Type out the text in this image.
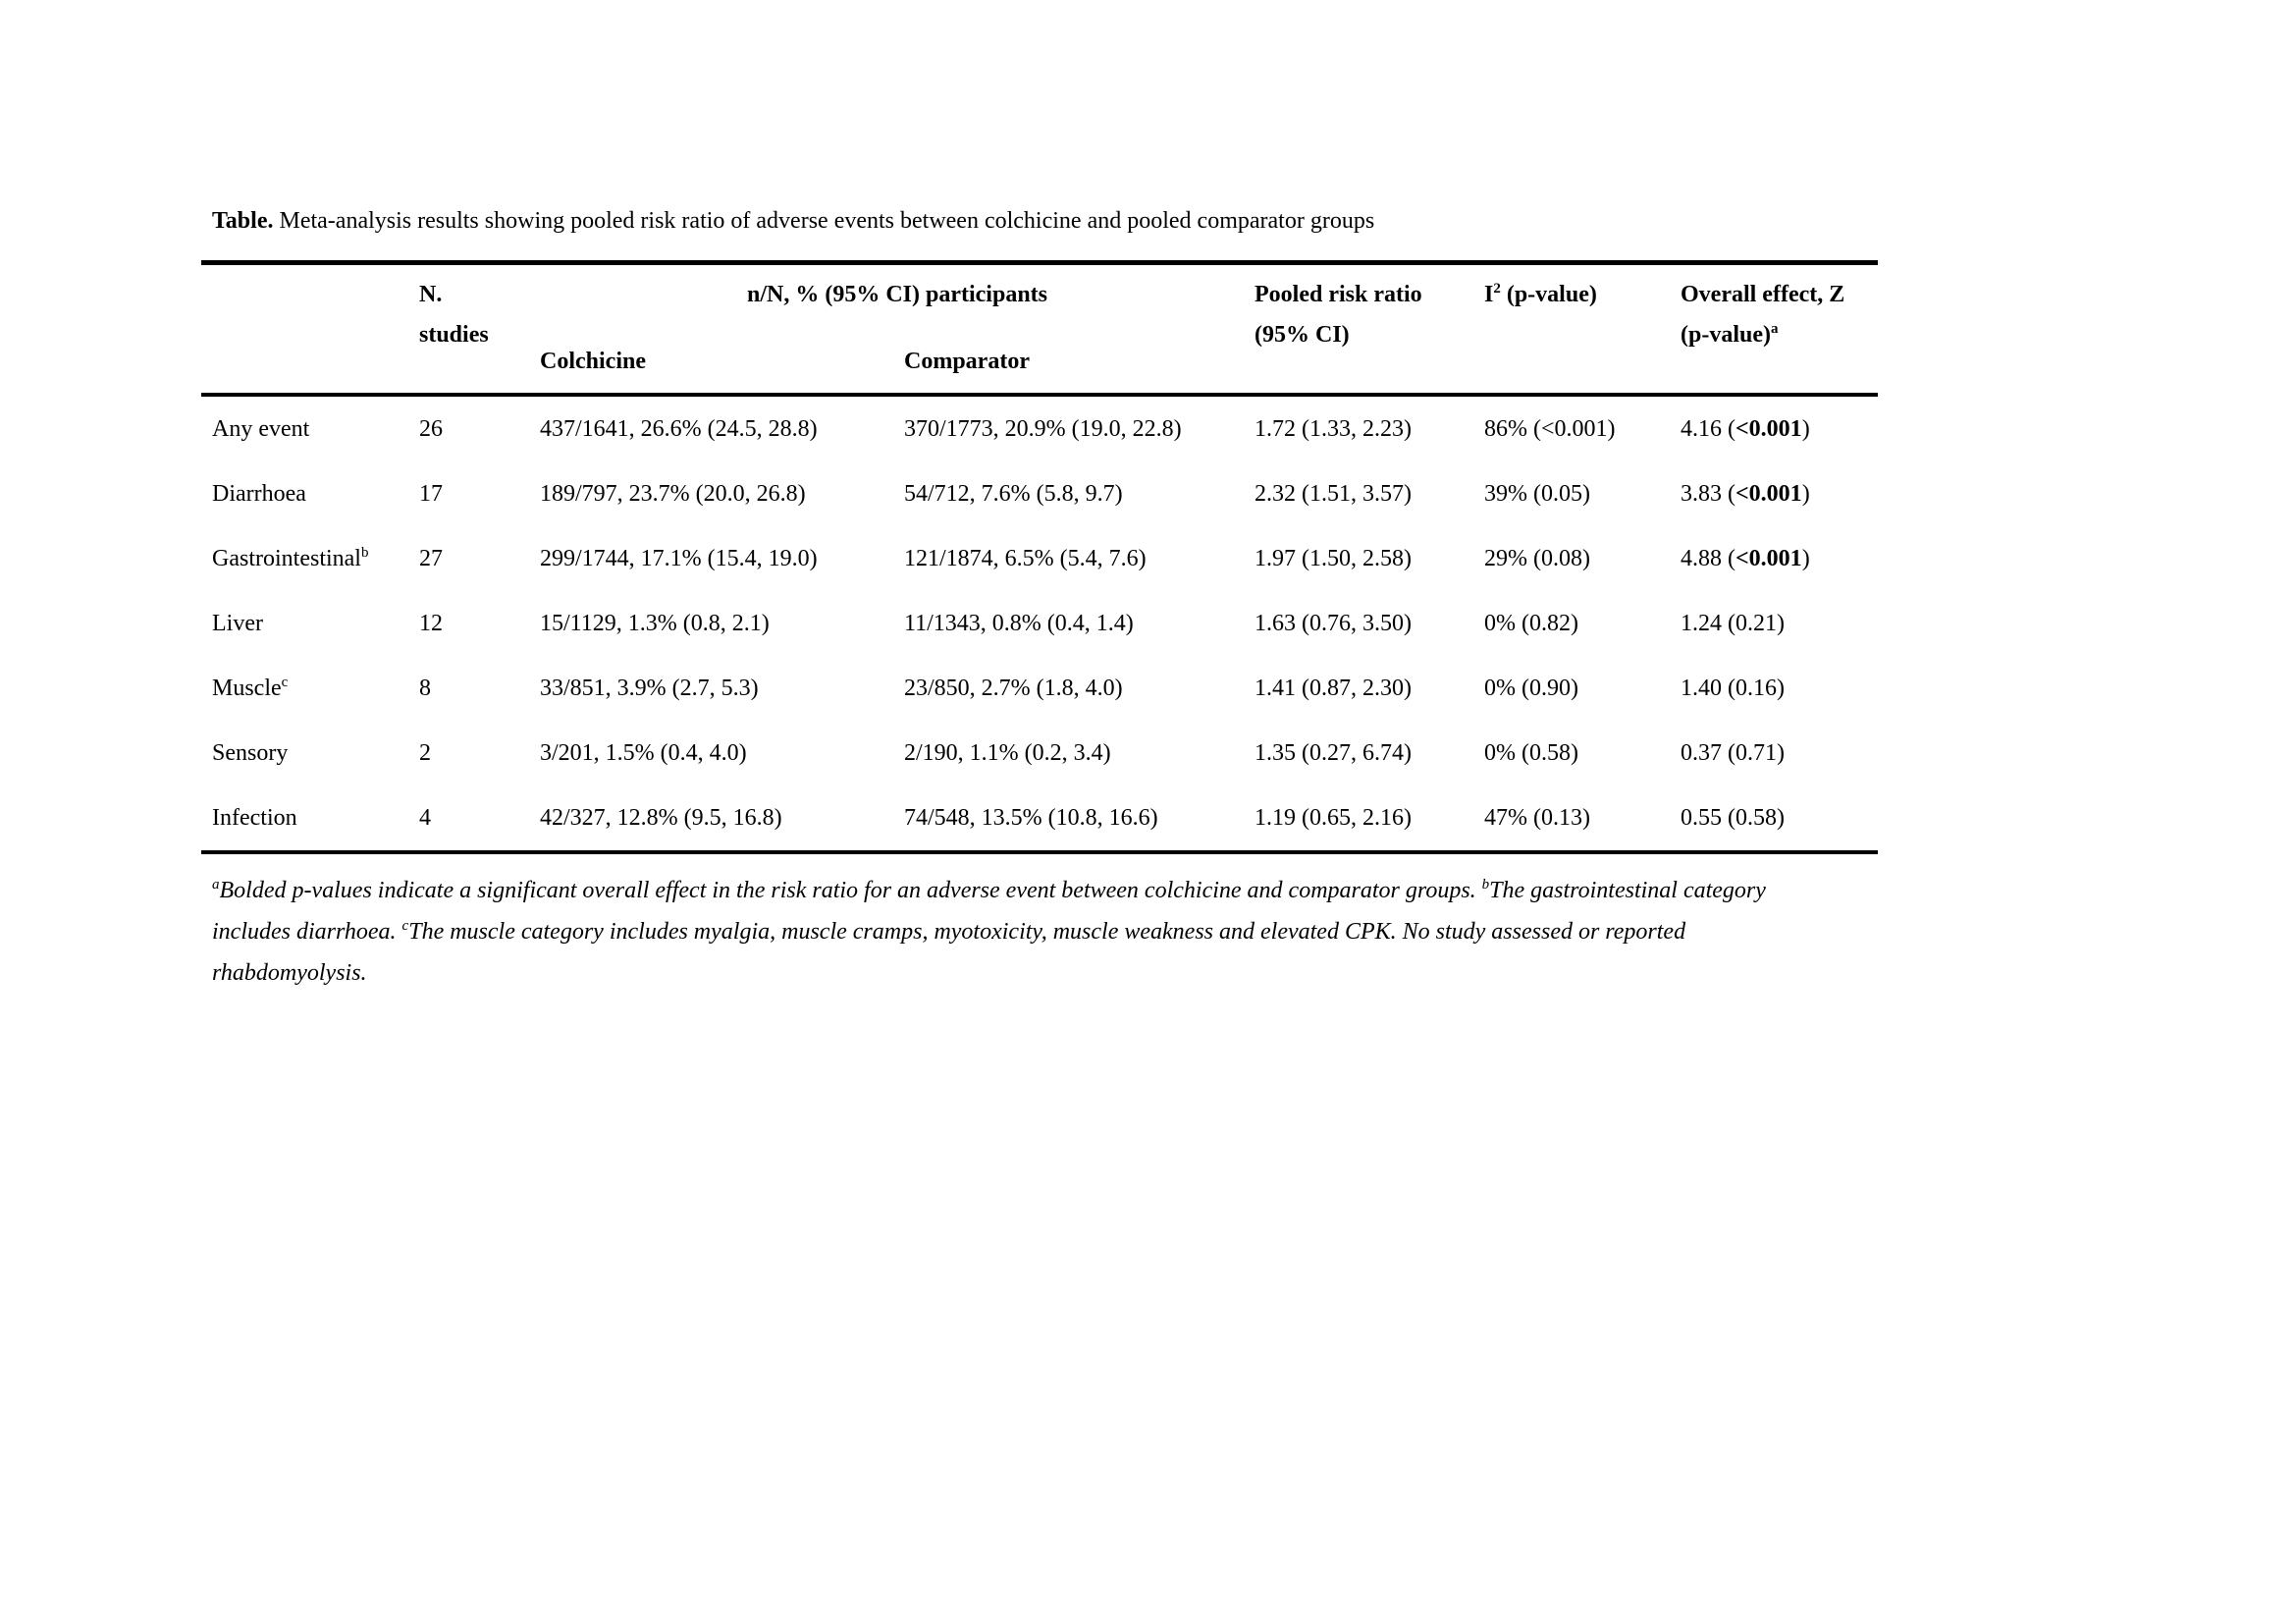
Table. Meta-analysis results showing pooled risk ratio of adverse events between colchicine and pooled comparator groups
N.
studies
n/N, % (95% CI) participants
Colchicine	Comparator
Pooled risk ratio
(95% CI)
$I^2$ (p-value)	Overall effect, Z
(p-value)$^a$
Any event	26	437/1641, 26.6% (24.5, 28.8)	370/1773, 20.9% (19.0, 22.8)	1.72 (1.33, 2.23)	86% (<0.001)	4.16 (<0.001)
Diarrhoea	17	189/797, 23.7% (20.0, 26.8)	54/712, 7.6% (5.8, 9.7)	2.32 (1.51, 3.57)	39% (0.05)	3.83 (<0.001)
Gastrointestinal$^b$	27	299/1744, 17.1% (15.4, 19.0)	121/1874, 6.5% (5.4, 7.6)	1.97 (1.50, 2.58)	29% (0.08)	4.88 (<0.001)
Liver	12	15/1129, 1.3% (0.8, 2.1)	11/1343, 0.8% (0.4, 1.4)	1.63 (0.76, 3.50)	0% (0.82)	1.24 (0.21)
Muscle$^c$	8	33/851, 3.9% (2.7, 5.3)	23/850, 2.7% (1.8, 4.0)	1.41 (0.87, 2.30)	0% (0.90)	1.40 (0.16)
Sensory	2	3/201, 1.5% (0.4, 4.0)	2/190, 1.1% (0.2, 3.4)	1.35 (0.27, 6.74)	0% (0.58)	0.37 (0.71)
Infection	4	42/327, 12.8% (9.5, 16.8)	74/548, 13.5% (10.8, 16.6)	1.19 (0.65, 2.16)	47% (0.13)	0.55 (0.58)
$^a$Bolded p-values indicate a significant overall effect in the risk ratio for an adverse event between colchicine and comparator groups. $^b$The gastrointestinal category
includes diarrhoea. $^c$The muscle category includes myalgia, muscle cramps, myotoxicity, muscle weakness and elevated CPK. No study assessed or reported
rhabdomyolysis.
